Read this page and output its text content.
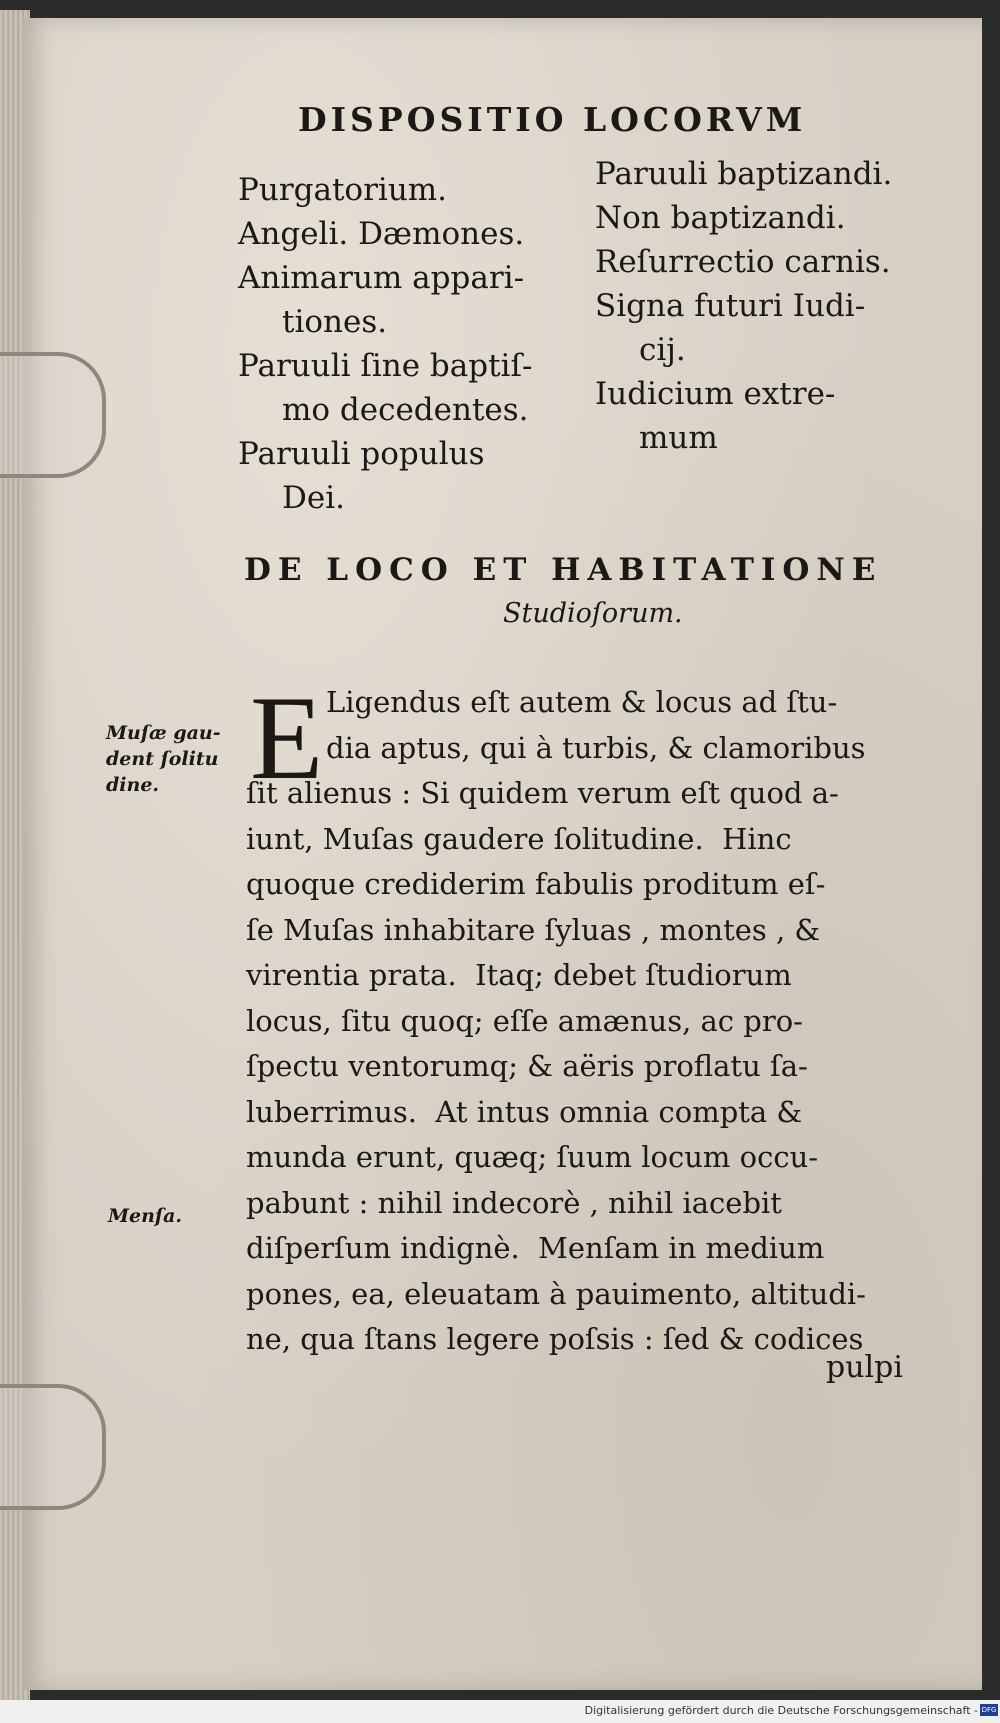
DISPOSITIO LOCORVM
Purgatorium.
Angeli. Dæmones.
Animarum appari-
tiones.
Paruuli ſine baptiſ-
mo decedentes.
Paruuli populus
Dei.
Paruuli baptizandi.
Non baptizandi.
Reſurrectio carnis.
Signa futuri Iudi-
cij.
Iudicium extre-
mum
DE LOCO ET HABITATIONE
Studioſorum.
Muſæ gau-
dent ſolitu
dine.
Menſa.
E Ligendus eſt autem & locus ad ſtu-
dia aptus, qui à turbis, & clamoribus
ſit alienus : Si quidem verum eſt quod a-
iunt, Muſas gaudere ſolitudine.  Hinc
quoque crediderim fabulis proditum eſ-
ſe Muſas inhabitare ſyluas , montes , &
virentia prata.  Itaq; debet ſtudiorum
locus, ſitu quoq; eſſe amænus, ac pro-
ſpectu ventorumq; & aëris proflatu ſa-
luberrimus.  At intus omnia compta &
munda erunt, quæq; ſuum locum occu-
pabunt : nihil indecorè , nihil iacebit
diſperſum indignè.  Menſam in medium
pones, ea, eleuatam à pauimento, altitudi-
ne, qua ſtans legere poſsis : ſed & codices
pulpi
Digitalisierung gefördert durch die Deutsche Forschungsgemeinschaft - DFG
